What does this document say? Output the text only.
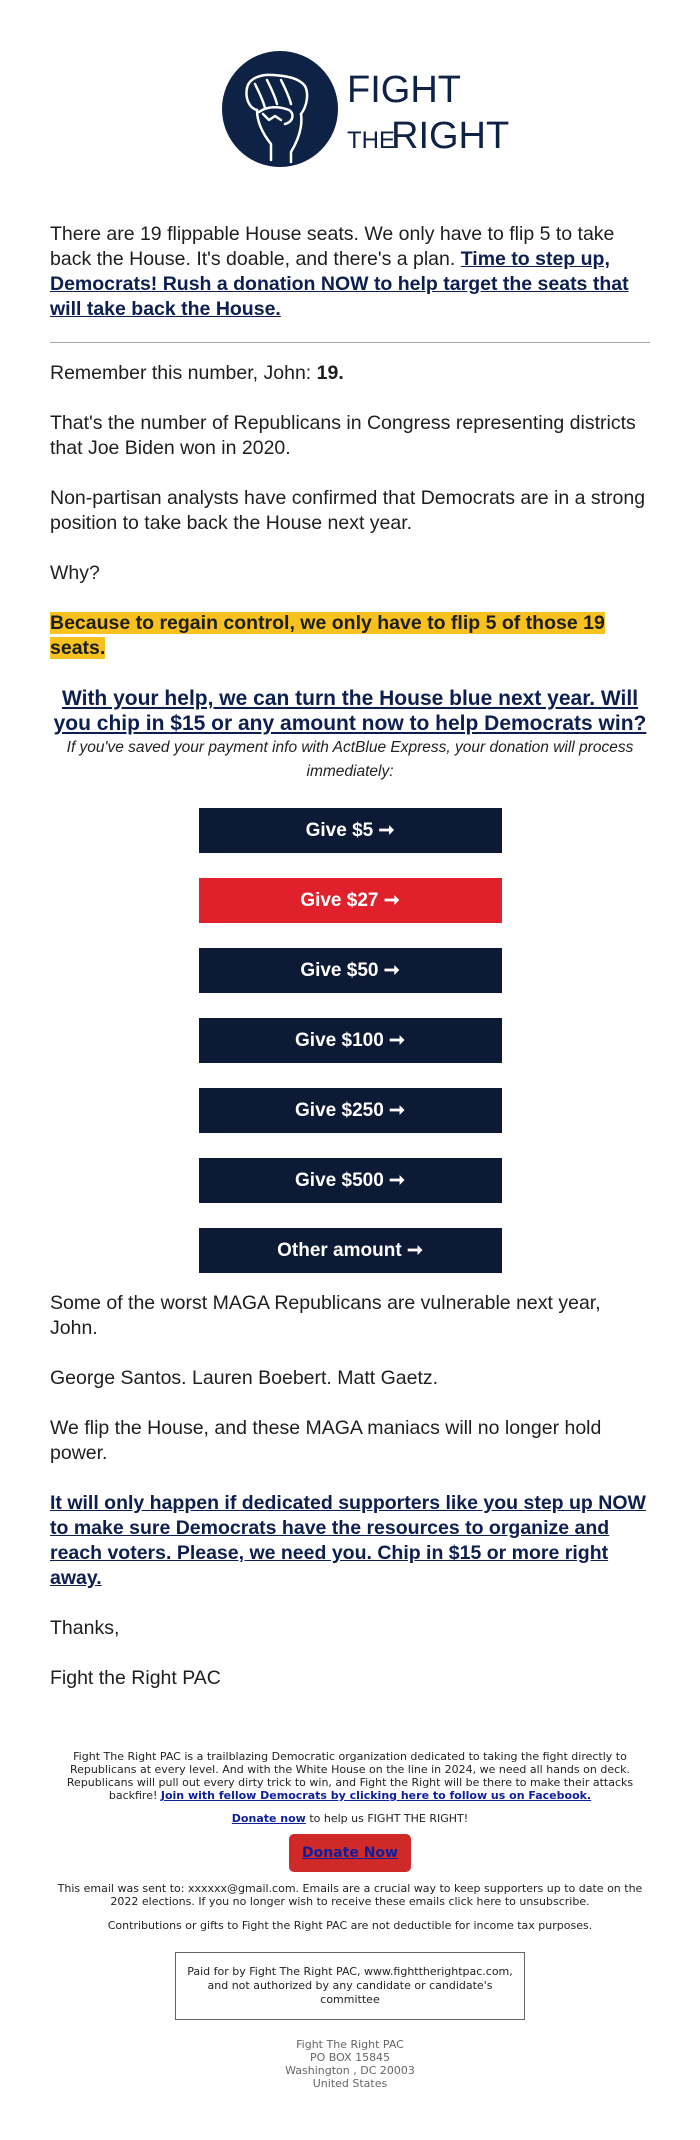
FIGHT
THE
RIGHT

There are 19 flippable House seats. We only have to flip 5 to take back the House. It's doable, and there's a plan. Time to step up, Democrats! Rush a donation NOW to help target the seats that will take back the House.

Remember this number, John: 19.

That's the number of Republicans in Congress representing districts that Joe Biden won in 2020.

Non-partisan analysts have confirmed that Democrats are in a strong position to take back the House next year.

Why?

Because to regain control, we only have to flip 5 of those 19 seats.

With your help, we can turn the House blue next year. Will you chip in $15 or any amount now to help Democrats win?

If you've saved your payment info with ActBlue Express, your donation will process immediately:

Give $5 ➞
Give $27 ➞
Give $50 ➞
Give $100 ➞
Give $250 ➞
Give $500 ➞
Other amount ➞

Some of the worst MAGA Republicans are vulnerable next year, John.

George Santos. Lauren Boebert. Matt Gaetz.

We flip the House, and these MAGA maniacs will no longer hold power.

It will only happen if dedicated supporters like you step up NOW to make sure Democrats have the resources to organize and reach voters. Please, we need you. Chip in $15 or more right away.

Thanks,

Fight the Right PAC

Fight The Right PAC is a trailblazing Democratic organization dedicated to taking the fight directly to Republicans at every level. And with the White House on the line in 2024, we need all hands on deck. Republicans will pull out every dirty trick to win, and Fight the Right will be there to make their attacks backfire! Join with fellow Democrats by clicking here to follow us on Facebook.

Donate now to help us FIGHT THE RIGHT!

Donate Now

This email was sent to: xxxxxx@gmail.com. Emails are a crucial way to keep supporters up to date on the 2022 elections. If you no longer wish to receive these emails click here to unsubscribe.

Contributions or gifts to Fight the Right PAC are not deductible for income tax purposes.

Paid for by Fight The Right PAC, www.fighttherightpac.com, and not authorized by any candidate or candidate's committee
Fight The Right PAC
PO BOX 15845
Washington , DC 20003
United States
